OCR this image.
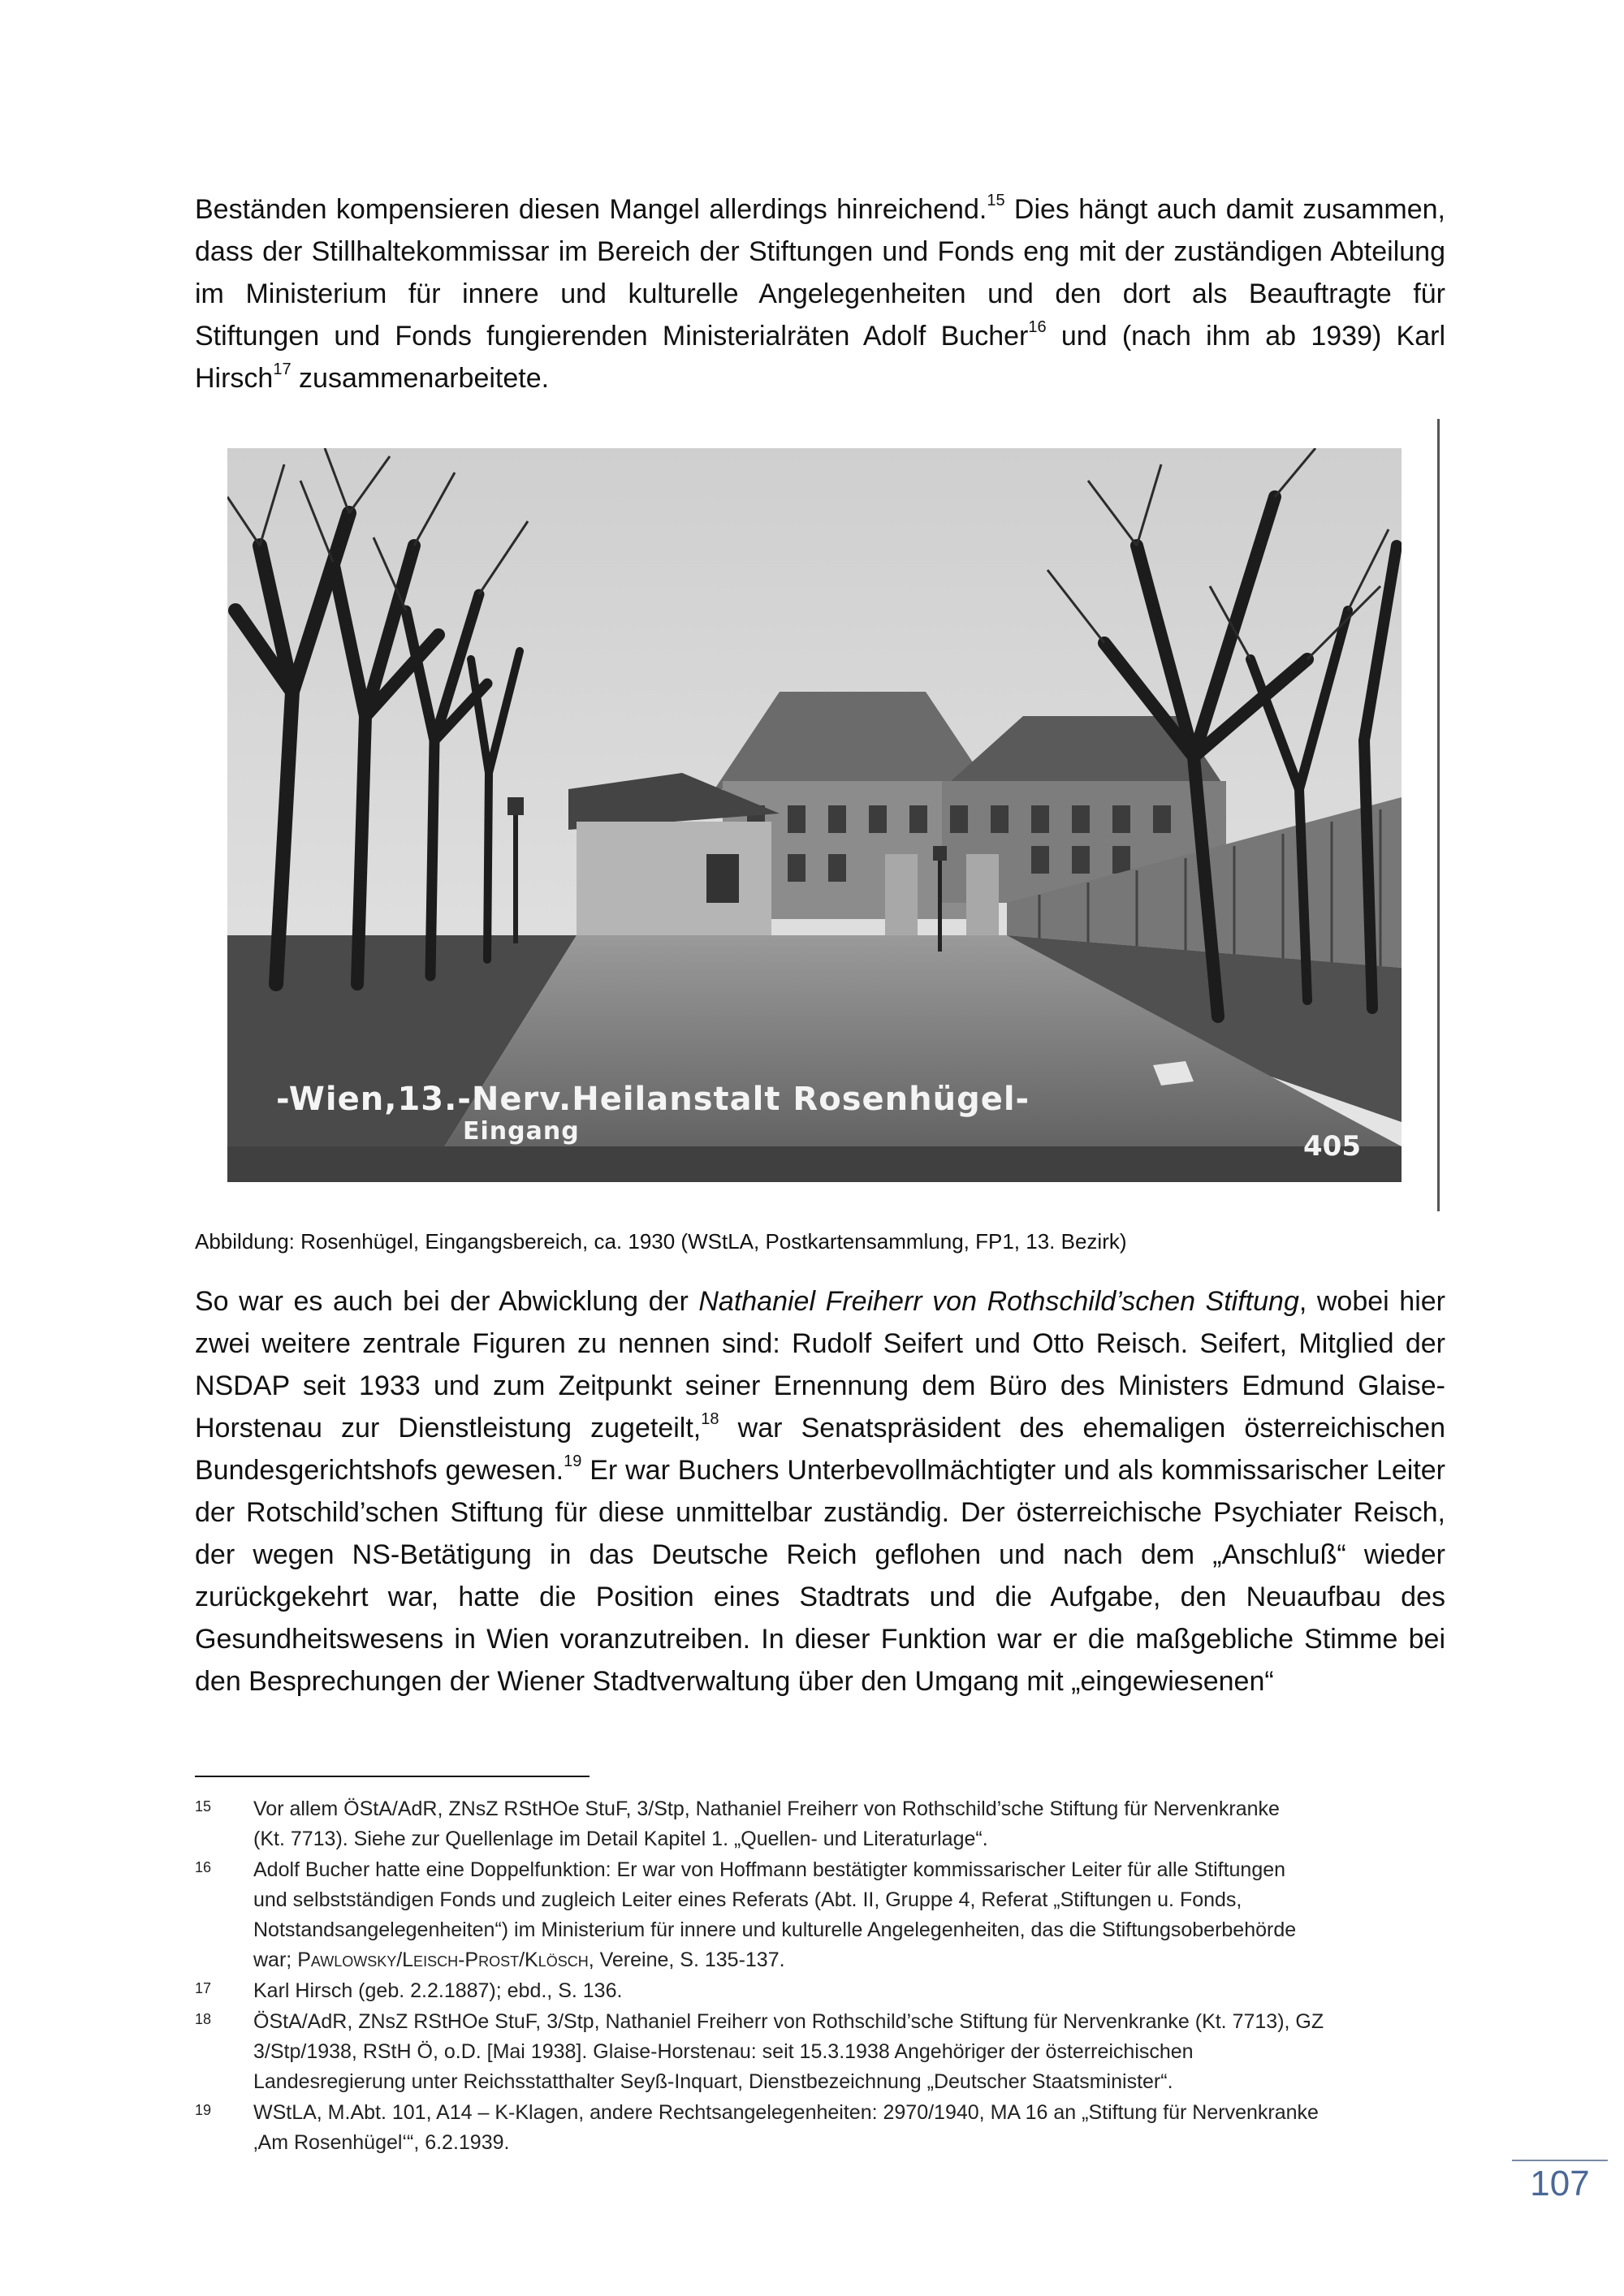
Beständen kompensieren diesen Mangel allerdings hinreichend.$^{15}$ Dies hängt auch damit zusammen,
dass der Stillhaltekommissar im Bereich der Stiftungen und Fonds eng mit der zuständigen Abteilung
im Ministerium für innere und kulturelle Angelegenheiten und den dort als Beauftragte für
Stiftungen und Fonds fungierenden Ministerialräten Adolf Bucher$^{16}$ und (nach ihm ab 1939) Karl
Hirsch$^{17}$ zusammenarbeitete.
-Wien,13.-Nerv.Heilanstalt Rosenhügel-
Eingang	405
Abbildung: Rosenhügel, Eingangsbereich, ca. 1930 (WStLA, Postkartensammlung, FP1, 13. Bezirk)
So war es auch bei der Abwicklung der Nathaniel Freiherr von Rothschild’schen Stiftung, wobei hier
zwei weitere zentrale Figuren zu nennen sind: Rudolf Seifert und Otto Reisch. Seifert, Mitglied der
NSDAP seit 1933 und zum Zeitpunkt seiner Ernennung dem Büro des Ministers Edmund Glaise-
Horstenau zur Dienstleistung zugeteilt,$^{18}$ war Senatspräsident des ehemaligen österreichischen
Bundesgerichtshofs gewesen.$^{19}$ Er war Buchers Unterbevollmächtigter und als kommissarischer Leiter
der Rotschild’schen Stiftung für diese unmittelbar zuständig. Der österreichische Psychiater Reisch,
der wegen NS-Betätigung in das Deutsche Reich geflohen und nach dem „Anschluß“ wieder
zurückgekehrt war, hatte die Position eines Stadtrats und die Aufgabe, den Neuaufbau des
Gesundheitswesens in Wien voranzutreiben. In dieser Funktion war er die maßgebliche Stimme bei
den Besprechungen der Wiener Stadtverwaltung über den Umgang mit „eingewiesenen“
15 Vor allem ÖStA/AdR, ZNsZ RStHOe StuF, 3/Stp, Nathaniel Freiherr von Rothschild’sche Stiftung für Nervenkranke
(Kt. 7713). Siehe zur Quellenlage im Detail Kapitel 1. „Quellen- und Literaturlage“.
16 Adolf Bucher hatte eine Doppelfunktion: Er war von Hoffmann bestätigter kommissarischer Leiter für alle Stiftungen
und selbstständigen Fonds und zugleich Leiter eines Referats (Abt. II, Gruppe 4, Referat „Stiftungen u. Fonds,
Notstandsangelegenheiten“) im Ministerium für innere und kulturelle Angelegenheiten, das die Stiftungsoberbehörde
war; Pawlowsky/Leisch-Prost/Klösch, Vereine, S. 135-137.
17 Karl Hirsch (geb. 2.2.1887); ebd., S. 136.
18 ÖStA/AdR, ZNsZ RStHOe StuF, 3/Stp, Nathaniel Freiherr von Rothschild’sche Stiftung für Nervenkranke (Kt. 7713), GZ
3/Stp/1938, RStH Ö, o.D. [Mai 1938]. Glaise-Horstenau: seit 15.3.1938 Angehöriger der österreichischen
Landesregierung unter Reichsstatthalter Seyß-Inquart, Dienstbezeichnung „Deutscher Staatsminister“.
19 WStLA, M.Abt. 101, A14 – K-Klagen, andere Rechtsangelegenheiten: 2970/1940, MA 16 an „Stiftung für Nervenkranke
‚Am Rosenhügel‘“, 6.2.1939.
107
